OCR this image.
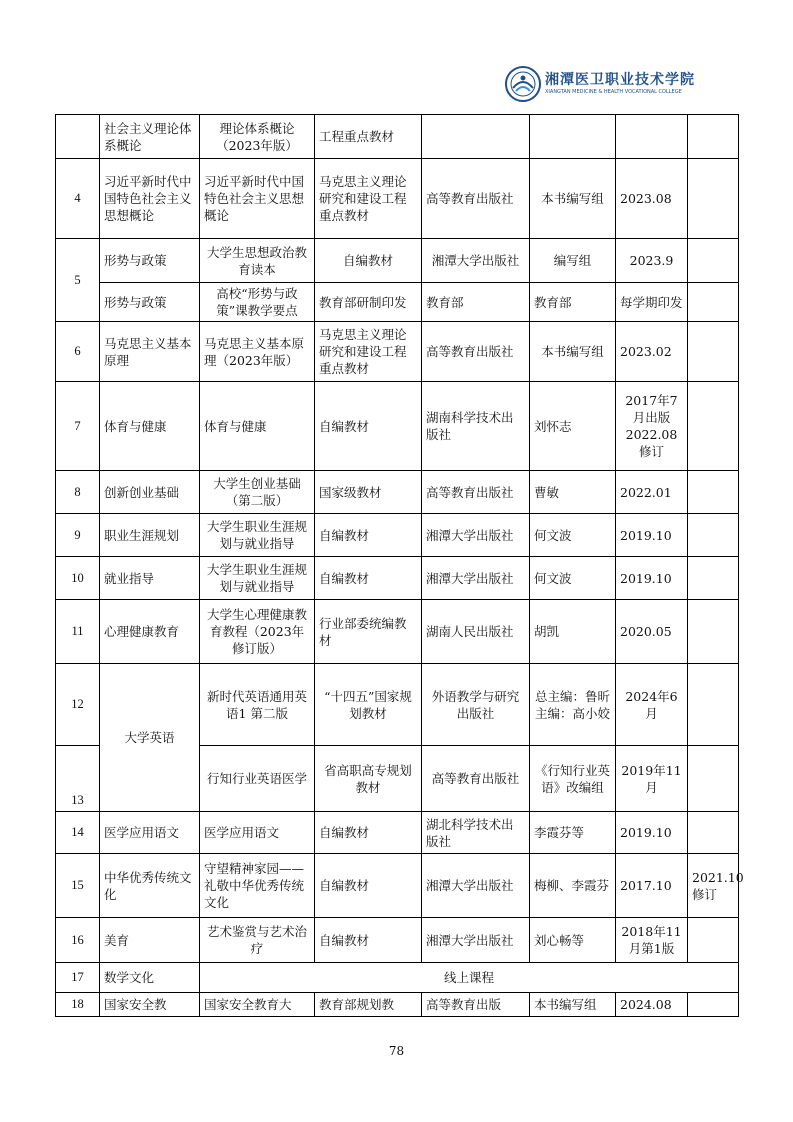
湘潭医卫职业技术学院
XIANGTAN MEDICINE & HEALTH VOCATIONAL COLLEGE
	社会主义理论体系概论	理论体系概论（2023年版）	工程重点教材				
4	习近平新时代中国特色社会主义思想概论	习近平新时代中国特色社会主义思想概论	马克思主义理论研究和建设工程重点教材	高等教育出版社	本书编写组	2023.08	
5	形势与政策	大学生思想政治教育读本	自编教材	湘潭大学出版社	编写组	2023.9	
	形势与政策	高校“形势与政策”课教学要点	教育部研制印发	教育部	教育部	每学期印发	
6	马克思主义基本原理	马克思主义基本原理（2023年版）	马克思主义理论研究和建设工程重点教材	高等教育出版社	本书编写组	2023.02	
7	体育与健康	体育与健康	自编教材	湖南科学技术出版社	刘怀志	2017年7月出版 2022.08修订	
8	创新创业基础	大学生创业基础（第二版）	国家级教材	高等教育出版社	曹敏	2022.01	
9	职业生涯规划	大学生职业生涯规划与就业指导	自编教材	湘潭大学出版社	何文波	2019.10	
10	就业指导	大学生职业生涯规划与就业指导	自编教材	湘潭大学出版社	何文波	2019.10	
11	心理健康教育	大学生心理健康教育教程（2023年修订版）	行业部委统编教材	湖南人民出版社	胡凯	2020.05	
12	大学英语	新时代英语通用英语1 第二版	“十四五”国家规划教材	外语教学与研究出版社	总主编：鲁昕 主编：高小姣	2024年6月	
13		行知行业英语医学	省高职高专规划教材	高等教育出版社	《行知行业英语》改编组	2019年11月	
14	医学应用语文	医学应用语文	自编教材	湖北科学技术出版社	李霞芬等	2019.10	
15	中华优秀传统文化	守望精神家园——礼敬中华优秀传统文化	自编教材	湘潭大学出版社	梅柳、李霞芬	2017.10	2021.10修订
16	美育	艺术鉴赏与艺术治疗	自编教材	湘潭大学出版社	刘心畅等	2018年11月第1版	
17	数学文化	线上课程					
18	国家安全教	国家安全教育大	教育部规划教	高等教育出版	本书编写组	2024.08	
78
